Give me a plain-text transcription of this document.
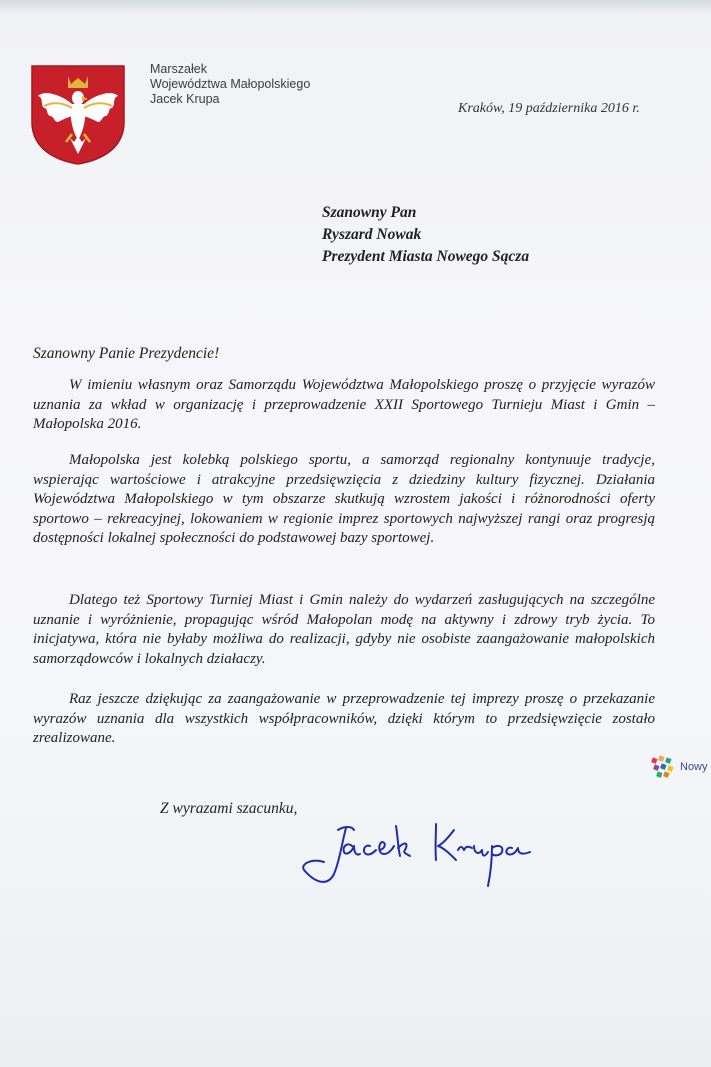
Marszałek
Województwa Małopolskiego
Jacek Krupa
Kraków, 19 października 2016 r.
Szanowny Pan
Ryszard Nowak
Prezydent Miasta Nowego Sącza
Szanowny Panie Prezydencie!

W imieniu własnym oraz Samorządu Województwa Małopolskiego proszę o przyjęcie wyrazów uznania za wkład w organizację i przeprowadzenie XXII Sportowego Turnieju Miast i Gmin – Małopolska 2016.

Małopolska jest kolebką polskiego sportu, a samorząd regionalny kontynuuje tradycje, wspierając wartościowe i atrakcyjne przedsięwzięcia z dziedziny kultury fizycznej. Działania Województwa Małopolskiego w tym obszarze skutkują wzrostem jakości i różnorodności oferty sportowo – rekreacyjnej, lokowaniem w regionie imprez sportowych najwyższej rangi oraz progresją dostępności lokalnej społeczności do podstawowej bazy sportowej.

Dlatego też Sportowy Turniej Miast i Gmin należy do wydarzeń zasługujących na szczególne uznanie i wyróżnienie, propagując wśród Małopolan modę na aktywny i zdrowy tryb życia. To inicjatywa, która nie byłaby możliwa do realizacji, gdyby nie osobiste zaangażowanie małopolskich samorządowców i lokalnych działaczy.

Raz jeszcze dziękując za zaangażowanie w przeprowadzenie tej imprezy proszę o przekazanie wyrazów uznania dla wszystkich współpracowników, dzięki którym to przedsięwzięcie zostało zrealizowane.

Z wyrazami szacunku,
Nowy
